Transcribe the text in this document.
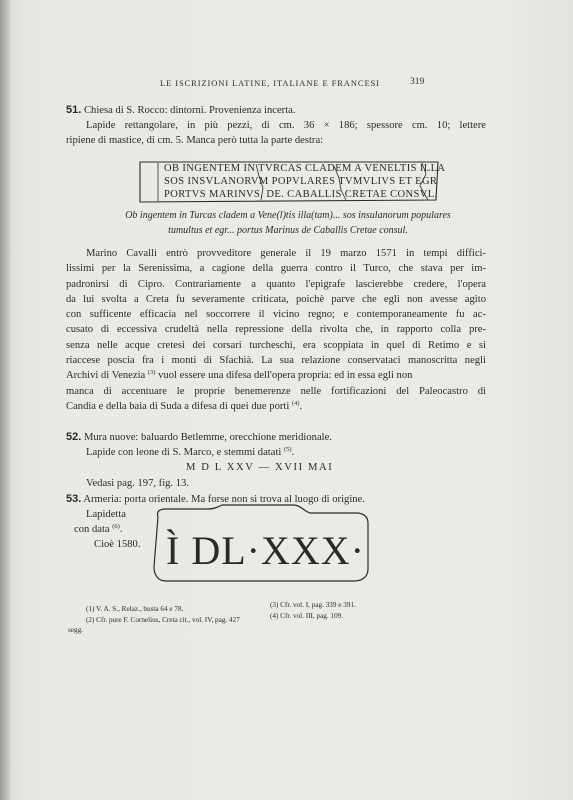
LE ISCRIZIONI LATINE, ITALIANE E FRANCESI	319
51. Chiesa di S. Rocco: dintorni. Provenienza incerta.
Lapide rettangolare, in più pezzi, di cm. 36 × 186; spessore cm. 10; lettere
ripiene di mastice, di cm. 5. Manca però tutta la parte destra:
OB INGENTEM IN TVRCAS CLADEM A VENELTIS ILLA
SOS INSVLANORVM POPVLARES TVMVLIVS ET EGR
PORTVS MARINVS. DE. CABALLIS CRETAE CONSVL.
Ob ingentem in Turcas cladem a Vene(l)tis illa(tam)... sos insulanorum populares
tumultus et egr... portus Marinus de Caballis Cretae consul.
Marino Cavalli entrò provveditore generale il 19 marzo 1571 in tempi diffici-
lissimi per la Serenissima, a cagione della guerra contro il Turco, che stava per im-
padronirsi di Cipro. Contrariamente a quanto l'epigrafe lascierebbe credere, l'opera
da lui svolta a Creta fu severamente criticata, poichè parve che egli non avesse agito
con sufficente efficacia nel soccorrere il vicino regno; e contemporaneamente fu ac-
cusato di eccessiva crudeltà nella repressione della rivolta che, in rapporto colla pre-
senza nelle acque cretesi dei corsari turcheschi, era scoppiata in quel di Retimo e si
riaccese poscia fra i monti di Sfachià. La sua relazione conservataci manoscritta negli
Archivi di Venezia $^{(3)}$ vuol essere una difesa dell'opera propria: ed in essa egli non
manca di accentuare le proprie benemerenze nelle fortificazioni del Paleocastro di
Candia e della baia di Suda a difesa di quei due porti $^{(4)}$.
52. Mura nuove: baluardo Betlemme, orecchione meridionale.
Lapide con leone di S. Marco, e stemmi datati $^{(5)}$.
M D L XXV — XVII MAI
Vedasi pag. 197, fig. 13.
53. Armeria: porta orientale. Ma forse non si trova al luogo di origine.
Lapidetta
con data $^{(6)}$.
Cioè 1580. Ì DL·XXX·
(1) V. A. S., Relaz., busta 64 e 78.
(2) Cfr. pure F. Cornelius, Creta cit., vol. IV, pag. 427
segg.
(3) Cfr. vol. I, pag. 339 e 391.
(4) Cfr. vol. III, pag. 109.
